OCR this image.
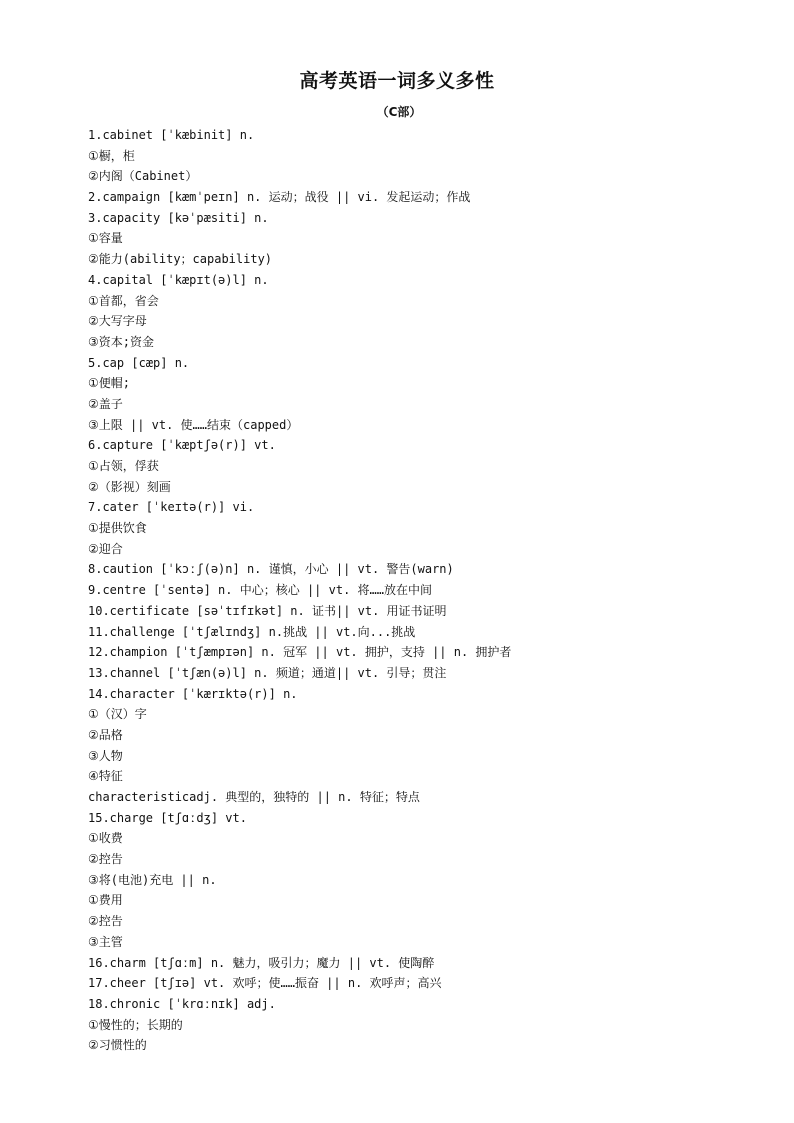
高考英语一词多义多性
（C部）
1.cabinet [ˈkæbinit] n.
①橱，柜
②内阁（Cabinet）
2.campaign [kæmˈpeɪn] n. 运动；战役 || vi. 发起运动；作战
3.capacity [kəˈpæsiti] n.
①容量
②能力(ability；capability)
4.capital [ˈkæpɪt(ə)l] n.
①首都，省会
②大写字母
③资本;资金
5.cap [cæp] n.
①便帽;
②盖子
③上限 || vt. 使……结束（capped）
6.capture [ˈkæptʃə(r)] vt.
①占领，俘获
②（影视）刻画
7.cater [ˈkeɪtə(r)] vi.
①提供饮食
②迎合
8.caution [ˈkɔːʃ(ə)n] n. 谨慎，小心 || vt. 警告(warn)
9.centre [ˈsentə] n. 中心；核心 || vt. 将……放在中间
10.certificate [səˈtɪfɪkət] n. 证书|| vt. 用证书证明
11.challenge [ˈtʃælɪndʒ] n.挑战 || vt.向...挑战
12.champion [ˈtʃæmpɪən] n. 冠军 || vt. 拥护，支持 || n. 拥护者
13.channel [ˈtʃæn(ə)l] n. 频道；通道|| vt. 引导；贯注
14.character [ˈkærɪktə(r)] n.
①（汉）字
②品格
③人物
④特征
characteristicadj. 典型的，独特的 || n. 特征；特点
15.charge [tʃɑːdʒ] vt.
①收费
②控告
③将(电池)充电 || n.
①费用
②控告
③主管
16.charm [tʃɑːm] n. 魅力，吸引力；魔力 || vt. 使陶醉
17.cheer [tʃɪə] vt. 欢呼；使……振奋 || n. 欢呼声；高兴
18.chronic [ˈkrɑːnɪk] adj.
①慢性的；长期的
②习惯性的
